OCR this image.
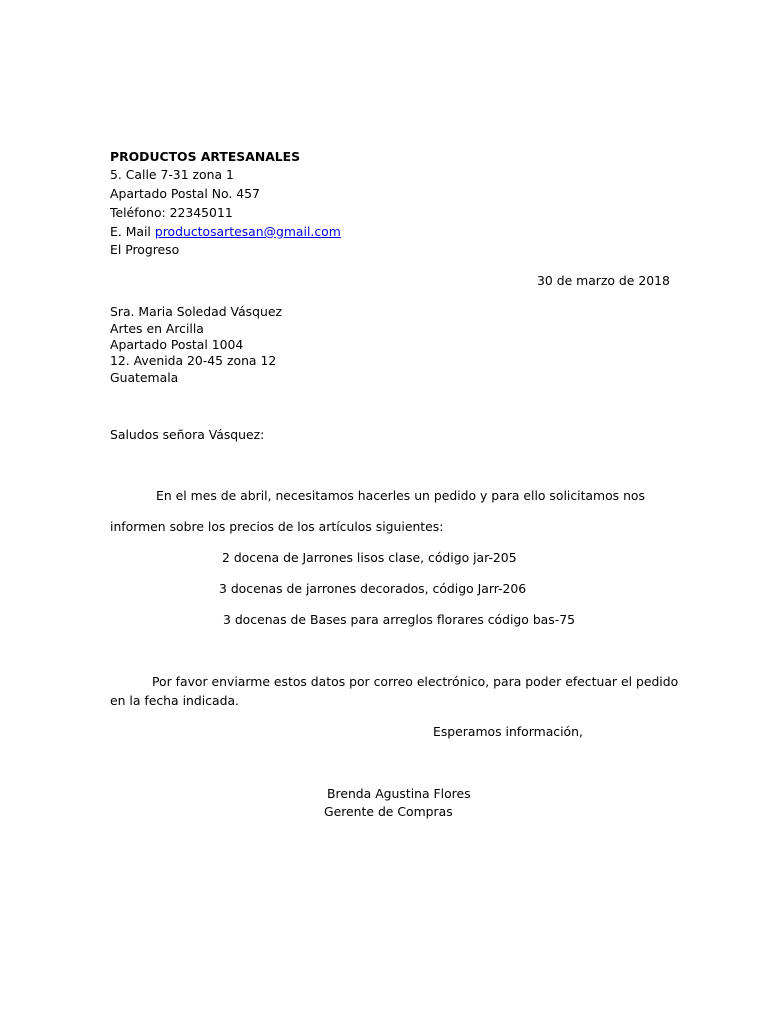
PRODUCTOS ARTESANALES
5. Calle 7-31 zona 1
Apartado Postal No. 457
Teléfono: 22345011
E. Mail productosartesan@gmail.com
El Progreso
30 de marzo de 2018
Sra. Maria Soledad Vásquez
Artes en Arcilla
Apartado Postal 1004
12. Avenida 20-45 zona 12
Guatemala
Saludos señora Vásquez:
En el mes de abril, necesitamos hacerles un pedido y para ello solicitamos nos
informen sobre los precios de los artículos siguientes:
2 docena de Jarrones lisos clase, código jar-205
3 docenas de jarrones decorados, código Jarr-206
3 docenas de Bases para arreglos florares código bas-75
Por favor enviarme estos datos por correo electrónico, para poder efectuar el pedido
en la fecha indicada.
Esperamos información,
Brenda Agustina Flores
Gerente de Compras
